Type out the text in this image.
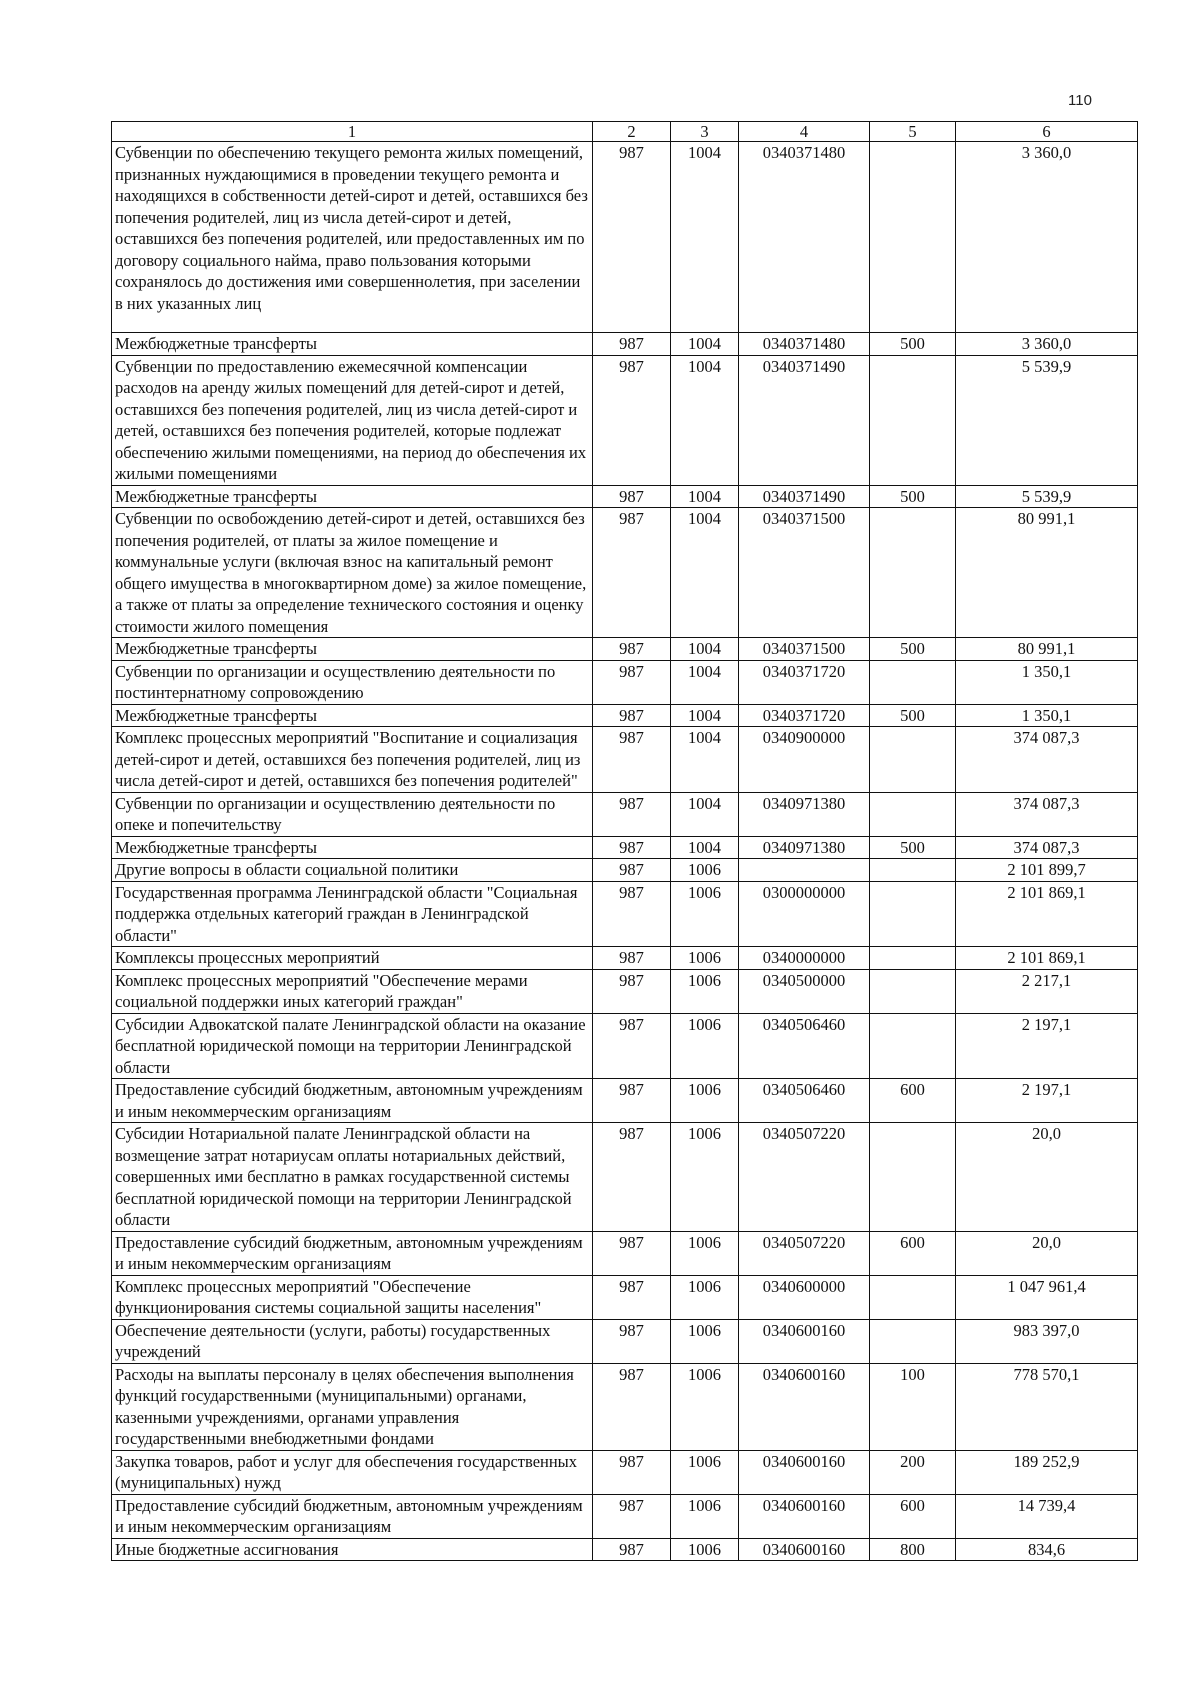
110
1	2	3	4	5	6
Субвенции по обеспечению текущего ремонта жилых помещений, признанных нуждающимися в проведении текущего ремонта и находящихся в собственности детей-сирот и детей, оставшихся без попечения родителей, лиц из числа детей-сирот и детей, оставшихся без попечения родителей, или предоставленных им по договору социального найма, право пользования которыми сохранялось до достижения ими совершеннолетия, при заселении в них указанных лиц	987	1004	0340371480		3 360,0
Межбюджетные трансферты	987	1004	0340371480	500	3 360,0
Субвенции по предоставлению ежемесячной компенсации расходов на аренду жилых помещений для детей-сирот и детей, оставшихся без попечения родителей, лиц из числа детей-сирот и детей, оставшихся без попечения родителей, которые подлежат обеспечению жилыми помещениями, на период до обеспечения их жилыми помещениями	987	1004	0340371490		5 539,9
Межбюджетные трансферты	987	1004	0340371490	500	5 539,9
Субвенции по освобождению детей-сирот и детей, оставшихся без попечения родителей, от платы за жилое помещение и коммунальные услуги (включая взнос на капитальный ремонт общего имущества в многоквартирном доме) за жилое помещение, а также от платы за определение технического состояния и оценку стоимости жилого помещения	987	1004	0340371500		80 991,1
Межбюджетные трансферты	987	1004	0340371500	500	80 991,1
Субвенции по организации и осуществлению деятельности по постинтернатному сопровождению	987	1004	0340371720		1 350,1
Межбюджетные трансферты	987	1004	0340371720	500	1 350,1
Комплекс процессных мероприятий "Воспитание и социализация детей-сирот и детей, оставшихся без попечения родителей, лиц из числа детей-сирот и детей, оставшихся без попечения родителей"	987	1004	0340900000		374 087,3
Субвенции по организации и осуществлению деятельности по опеке и попечительству	987	1004	0340971380		374 087,3
Межбюджетные трансферты	987	1004	0340971380	500	374 087,3
Другие вопросы в области социальной политики	987	1006			2 101 899,7
Государственная программа Ленинградской области "Социальная поддержка отдельных категорий граждан в Ленинградской области"	987	1006	0300000000		2 101 869,1
Комплексы процессных мероприятий	987	1006	0340000000		2 101 869,1
Комплекс процессных мероприятий "Обеспечение мерами социальной поддержки иных категорий граждан"	987	1006	0340500000		2 217,1
Субсидии Адвокатской палате Ленинградской области на оказание бесплатной юридической помощи на территории Ленинградской области	987	1006	0340506460		2 197,1
Предоставление субсидий бюджетным, автономным учреждениям и иным некоммерческим организациям	987	1006	0340506460	600	2 197,1
Субсидии Нотариальной палате Ленинградской области на возмещение затрат нотариусам оплаты нотариальных действий, совершенных ими бесплатно в рамках государственной системы бесплатной юридической помощи на территории Ленинградской области	987	1006	0340507220		20,0
Предоставление субсидий бюджетным, автономным учреждениям и иным некоммерческим организациям	987	1006	0340507220	600	20,0
Комплекс процессных мероприятий "Обеспечение функционирования системы социальной защиты населения"	987	1006	0340600000		1 047 961,4
Обеспечение деятельности (услуги, работы) государственных учреждений	987	1006	0340600160		983 397,0
Расходы на выплаты персоналу в целях обеспечения выполнения функций государственными (муниципальными) органами, казенными учреждениями, органами управления государственными внебюджетными фондами	987	1006	0340600160	100	778 570,1
Закупка товаров, работ и услуг для обеспечения государственных (муниципальных) нужд	987	1006	0340600160	200	189 252,9
Предоставление субсидий бюджетным, автономным учреждениям и иным некоммерческим организациям	987	1006	0340600160	600	14 739,4
Иные бюджетные ассигнования	987	1006	0340600160	800	834,6
